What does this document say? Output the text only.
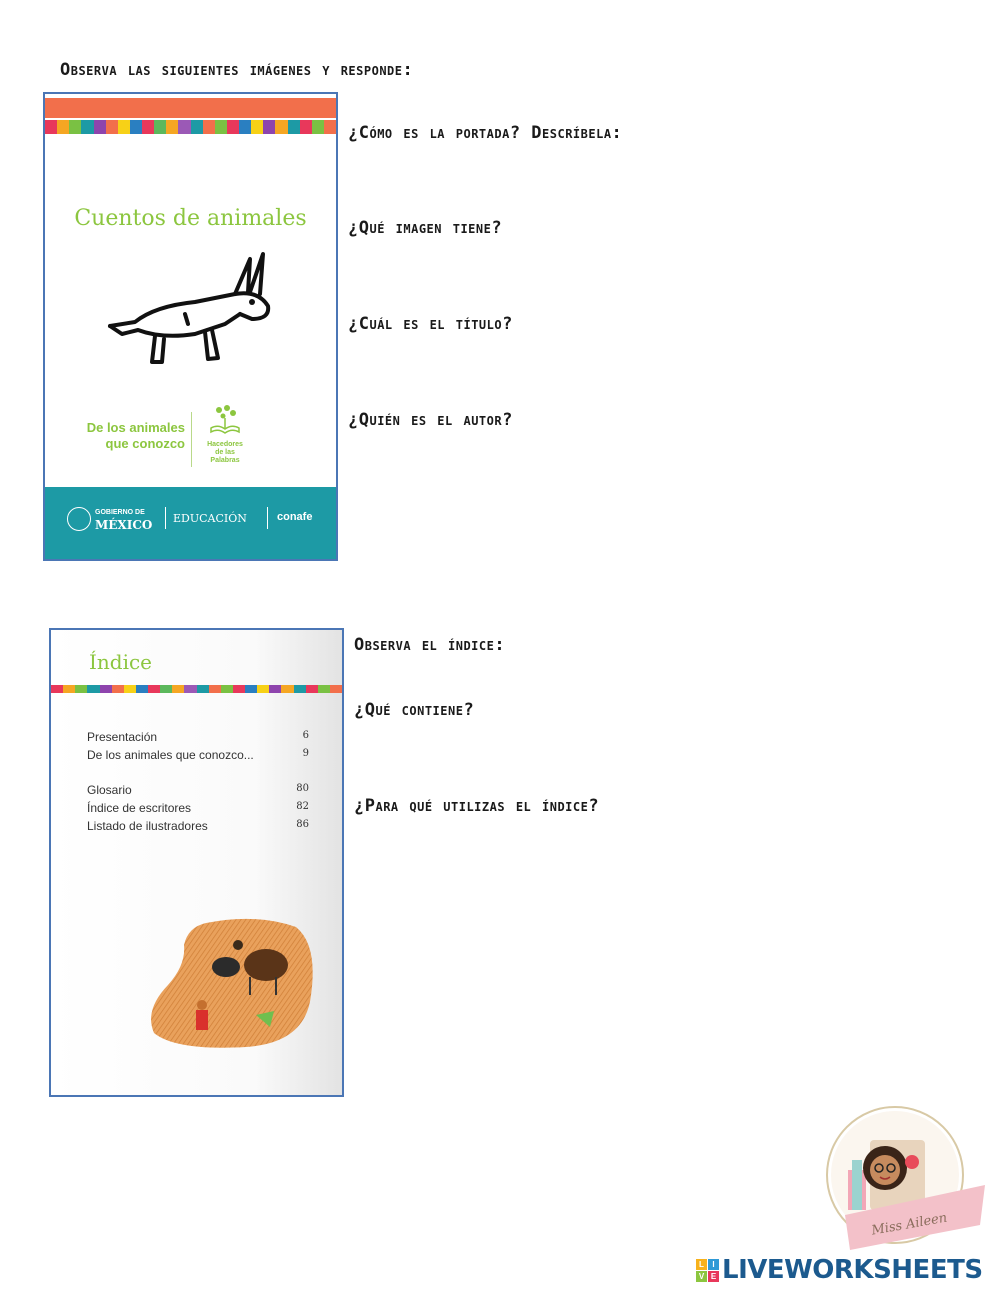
Observa las siguientes imágenes y responde:
Cuentos de animales
De los animales
que conozco	Hacedores
de las
Palabras
GOBIERNO DE
MÉXICO EDUCACIÓN	conafe
¿Cómo es la portada? Descríbela:
¿Qué imagen tiene?
¿Cuál es el título?
¿Quién es el autor?
Índice
Presentación	6
De los animales que conozco...	9
Glosario	80
Índice de escritores	82
Listado de ilustradores	86
Observa el índice:
¿Qué contiene?
¿Para qué utilizas el índice?
Miss Aileen
L	I
V E LIVEWORKSHEETS
